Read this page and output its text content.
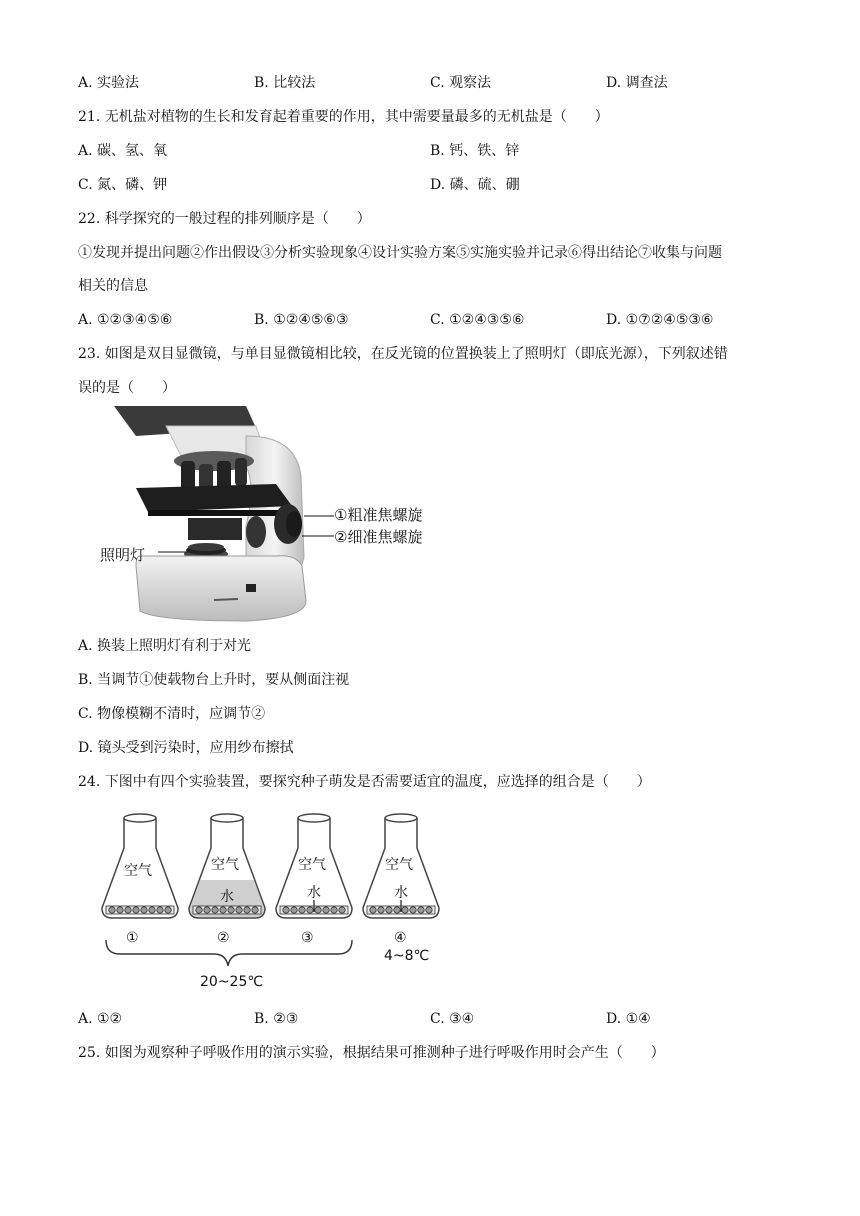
A. 实验法	B. 比较法	C. 观察法	D. 调查法
21. 无机盐对植物的生长和发育起着重要的作用，其中需要量最多的无机盐是（　　）
A. 碳、氢、氧	B. 钙、铁、锌
C. 氮、磷、钾	D. 磷、硫、硼
22. 科学探究的一般过程的排列顺序是（　　）
①发现并提出问题②作出假设③分析实验现象④设计实验方案⑤实施实验并记录⑥得出结论⑦收集与问题
相关的信息
A. ①②③④⑤⑥	B. ①②④⑤⑥③	C. ①②④③⑤⑥	D. ①⑦②④⑤③⑥
23. 如图是双目显微镜，与单目显微镜相比较，在反光镜的位置换装上了照明灯（即底光源），下列叙述错
误的是（　　）
①粗准焦螺旋
②细准焦螺旋
照明灯
A. 换装上照明灯有利于对光
B. 当调节①使载物台上升时，要从侧面注视
C. 物像模糊不清时，应调节②
D. 镜头受到污染时，应用纱布擦拭
24. 下图中有四个实验装置，要探究种子萌发是否需要适宜的温度，应选择的组合是（　　）
空气	空气
水
空气
水
空气
水
①	②	③	④
4~8℃
20~25℃
A. ①②	B. ②③	C. ③④	D. ①④
25. 如图为观察种子呼吸作用的演示实验，根据结果可推测种子进行呼吸作用时会产生（　　）
